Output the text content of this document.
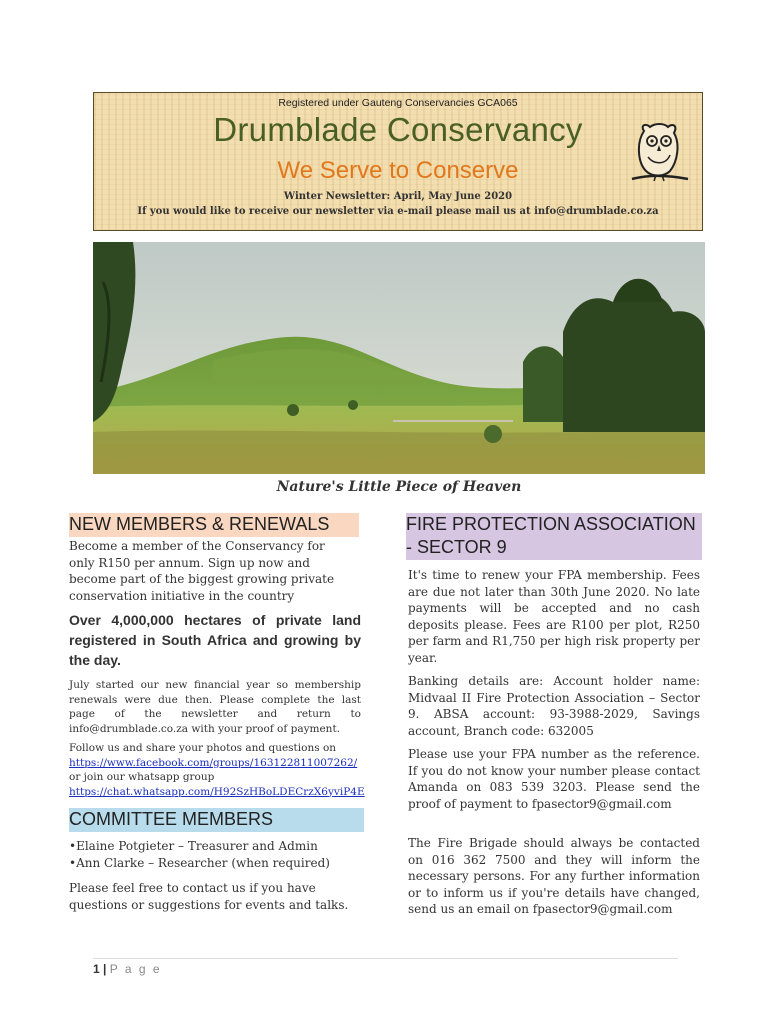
Registered under Gauteng Conservancies GCA065
Drumblade Conservancy
We Serve to Conserve
Winter Newsletter: April, May June 2020
If you would like to receive our newsletter via e-mail please mail us at info@drumblade.co.za
Nature's Little Piece of Heaven
NEW MEMBERS & RENEWALS
Become a member of the Conservancy for only R150 per annum. Sign up now and become part of the biggest growing private conservation initiative in the country
Over 4,000,000 hectares of private land registered in South Africa and growing by the day.
July started our new financial year so membership renewals were due then. Please complete the last page of the newsletter and return to info@drumblade.co.za with your proof of payment.
Follow us and share your photos and questions on
https://www.facebook.com/groups/163122811007262/ or join our whatsapp group
https://chat.whatsapp.com/H92SzHBoLDECrzX6yviP4E
COMMITTEE MEMBERS
• Elaine Potgieter – Treasurer and Admin
• Ann Clarke – Researcher (when required)
Please feel free to contact us if you have questions or suggestions for events and talks.
FIRE PROTECTION ASSOCIATION - SECTOR 9
It's time to renew your FPA membership. Fees are due not later than 30th June 2020. No late payments will be accepted and no cash deposits please. Fees are R100 per plot, R250 per farm and R1,750 per high risk property per year.
Banking details are: Account holder name: Midvaal II Fire Protection Association – Sector 9. ABSA account: 93-3988-2029, Savings account, Branch code: 632005
Please use your FPA number as the reference. If you do not know your number please contact Amanda on 083 539 3203. Please send the proof of payment to fpasector9@gmail.com
The Fire Brigade should always be contacted on 016 362 7500 and they will inform the necessary persons. For any further information or to inform us if you're details have changed, send us an email on fpasector9@gmail.com
1 | P a g e
